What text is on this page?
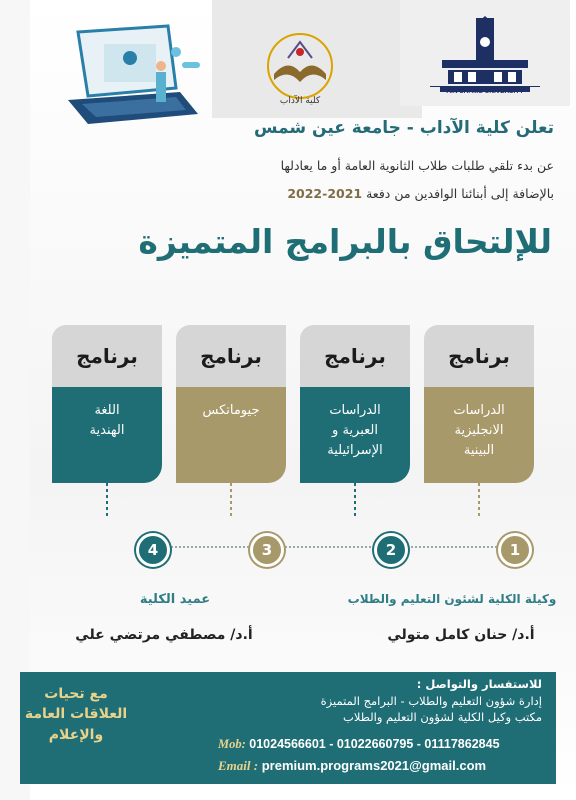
كلية الآداب
AIN SHAMS UNIVERSITY
تعلن كلية الآداب - جامعة عين شمس
عن بدء تلقي طلبات طلاب الثانوية العامة أو ما يعادلها
بالإضافة إلى أبنائنا الوافدين من دفعة 2021-2022
للإلتحاق بالبرامج المتميزة
برنامج
الدراسات
الانجليزية
البينية
برنامج
الدراسات
العبرية و
الإسرائيلية
برنامج
جيوماتكس
برنامج
اللغة
الهندية
1
2
3
4
وكيلة الكلية لشئون التعليم والطلاب
أ.د/ حنان كامل متولي
عميد الكلية
أ.د/ مصطفي مرتضي علي
مع تحيات العلاقات العامة والإعلام
للاستفسار والتواصل :
إدارة شؤون التعليم والطلاب - البرامج المتميزة
مكتب وكيل الكلية لشؤون التعليم والطلاب
Mob: 01024566601 - 01022660795 - 01117862845
Email : premium.programs2021@gmail.com
